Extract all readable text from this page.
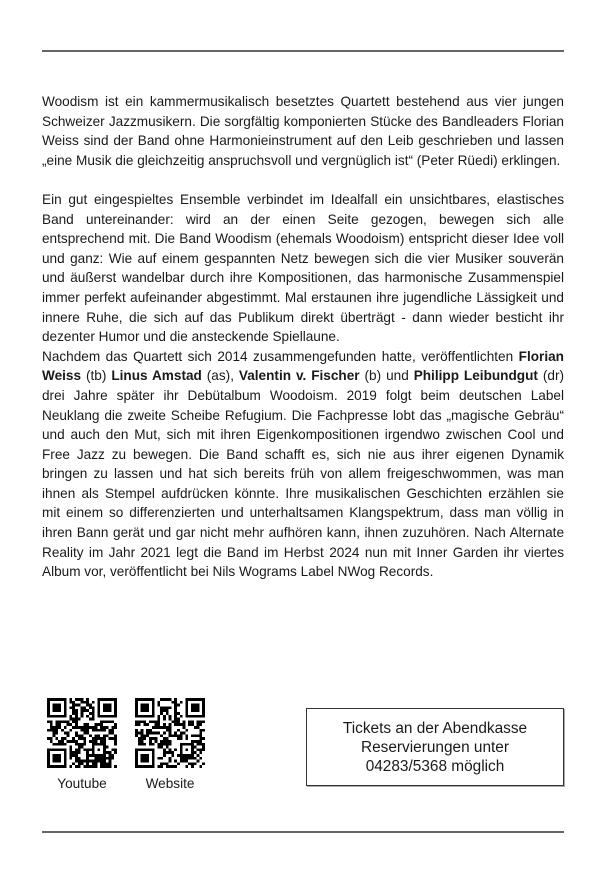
Woodism ist ein kammermusikalisch besetztes Quartett bestehend aus vier jungen Schweizer Jazzmusikern. Die sorgfältig komponierten Stücke des Bandleaders Florian Weiss sind der Band ohne Harmonieinstrument auf den Leib geschrieben und lassen „eine Musik die gleichzeitig anspruchsvoll und vergnüglich ist“ (Peter Rüedi) erklingen.

Ein gut eingespieltes Ensemble verbindet im Idealfall ein unsichtbares, elastisches Band untereinander: wird an der einen Seite gezogen, bewegen sich alle entsprechend mit. Die Band Woodism (ehemals Woodoism) entspricht dieser Idee voll und ganz: Wie auf einem gespannten Netz bewegen sich die vier Musiker souverän und äußerst wandelbar durch ihre Kompositionen, das harmonische Zusammenspiel immer perfekt aufeinander abgestimmt. Mal erstaunen ihre jugendliche Lässigkeit und innere Ruhe, die sich auf das Publikum direkt überträgt - dann wieder besticht ihr dezenter Humor und die ansteckende Spiellaune.

Nachdem das Quartett sich 2014 zusammengefunden hatte, veröffentlichten Florian Weiss (tb) Linus Amstad (as), Valentin v. Fischer (b) und Philipp Leibundgut (dr) drei Jahre später ihr Debütalbum Woodoism. 2019 folgt beim deutschen Label Neuklang die zweite Scheibe Refugium. Die Fachpresse lobt das „magische Gebräu“ und auch den Mut, sich mit ihren Eigenkompositionen irgendwo zwischen Cool und Free Jazz zu bewegen. Die Band schafft es, sich nie aus ihrer eigenen Dynamik bringen zu lassen und hat sich bereits früh von allem freigeschwommen, was man ihnen als Stempel aufdrücken könnte. Ihre musikalischen Geschichten erzählen sie mit einem so differenzierten und unterhaltsamen Klangspektrum, dass man völlig in ihren Bann gerät und gar nicht mehr aufhören kann, ihnen zuzuhören. Nach Alternate Reality im Jahr 2021 legt die Band im Herbst 2024 nun mit Inner Garden ihr viertes Album vor, veröffentlicht bei Nils Wograms Label NWog Records.

Youtube	Website
Tickets an der Abendkasse
Reservierungen unter
04283/5368 möglich
